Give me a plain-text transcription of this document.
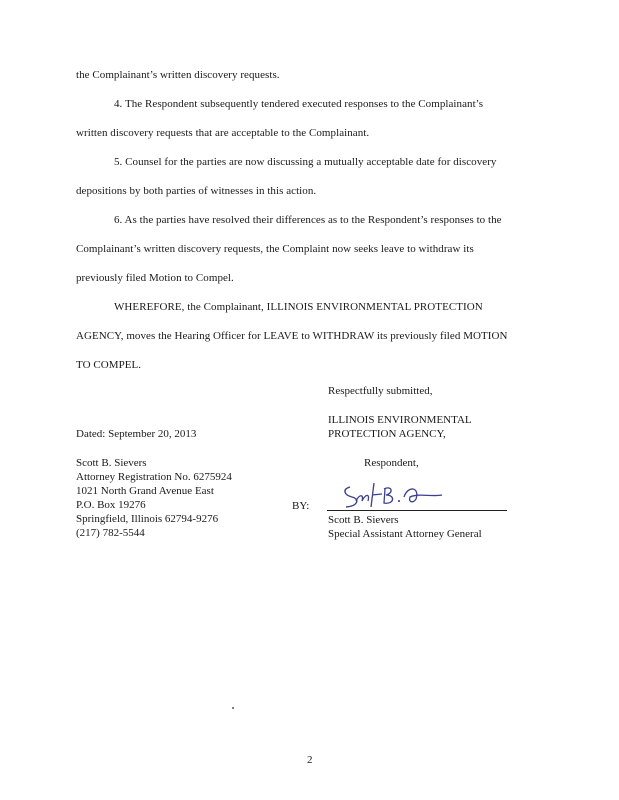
the Complainant’s written discovery requests.
4. The Respondent subsequently tendered executed responses to the Complainant’s
written discovery requests that are acceptable to the Complainant.
5. Counsel for the parties are now discussing a mutually acceptable date for discovery
depositions by both parties of witnesses in this action.
6. As the parties have resolved their differences as to the Respondent’s responses to the
Complainant’s written discovery requests, the Complaint now seeks leave to withdraw its
previously filed Motion to Compel.
WHEREFORE, the Complainant, ILLINOIS ENVIRONMENTAL PROTECTION
AGENCY, moves the Hearing Officer for LEAVE to WITHDRAW its previously filed MOTION
TO COMPEL.
Respectfully submitted,
ILLINOIS ENVIRONMENTAL
PROTECTION AGENCY,
Dated: September 20, 2013
Respondent,
Scott B. Sievers
Attorney Registration No. 6275924
1021 North Grand Avenue East
P.O. Box 19276
Springfield, Illinois 62794-9276
(217) 782-5544
BY:
Scott B. Sievers
Special Assistant Attorney General
2
